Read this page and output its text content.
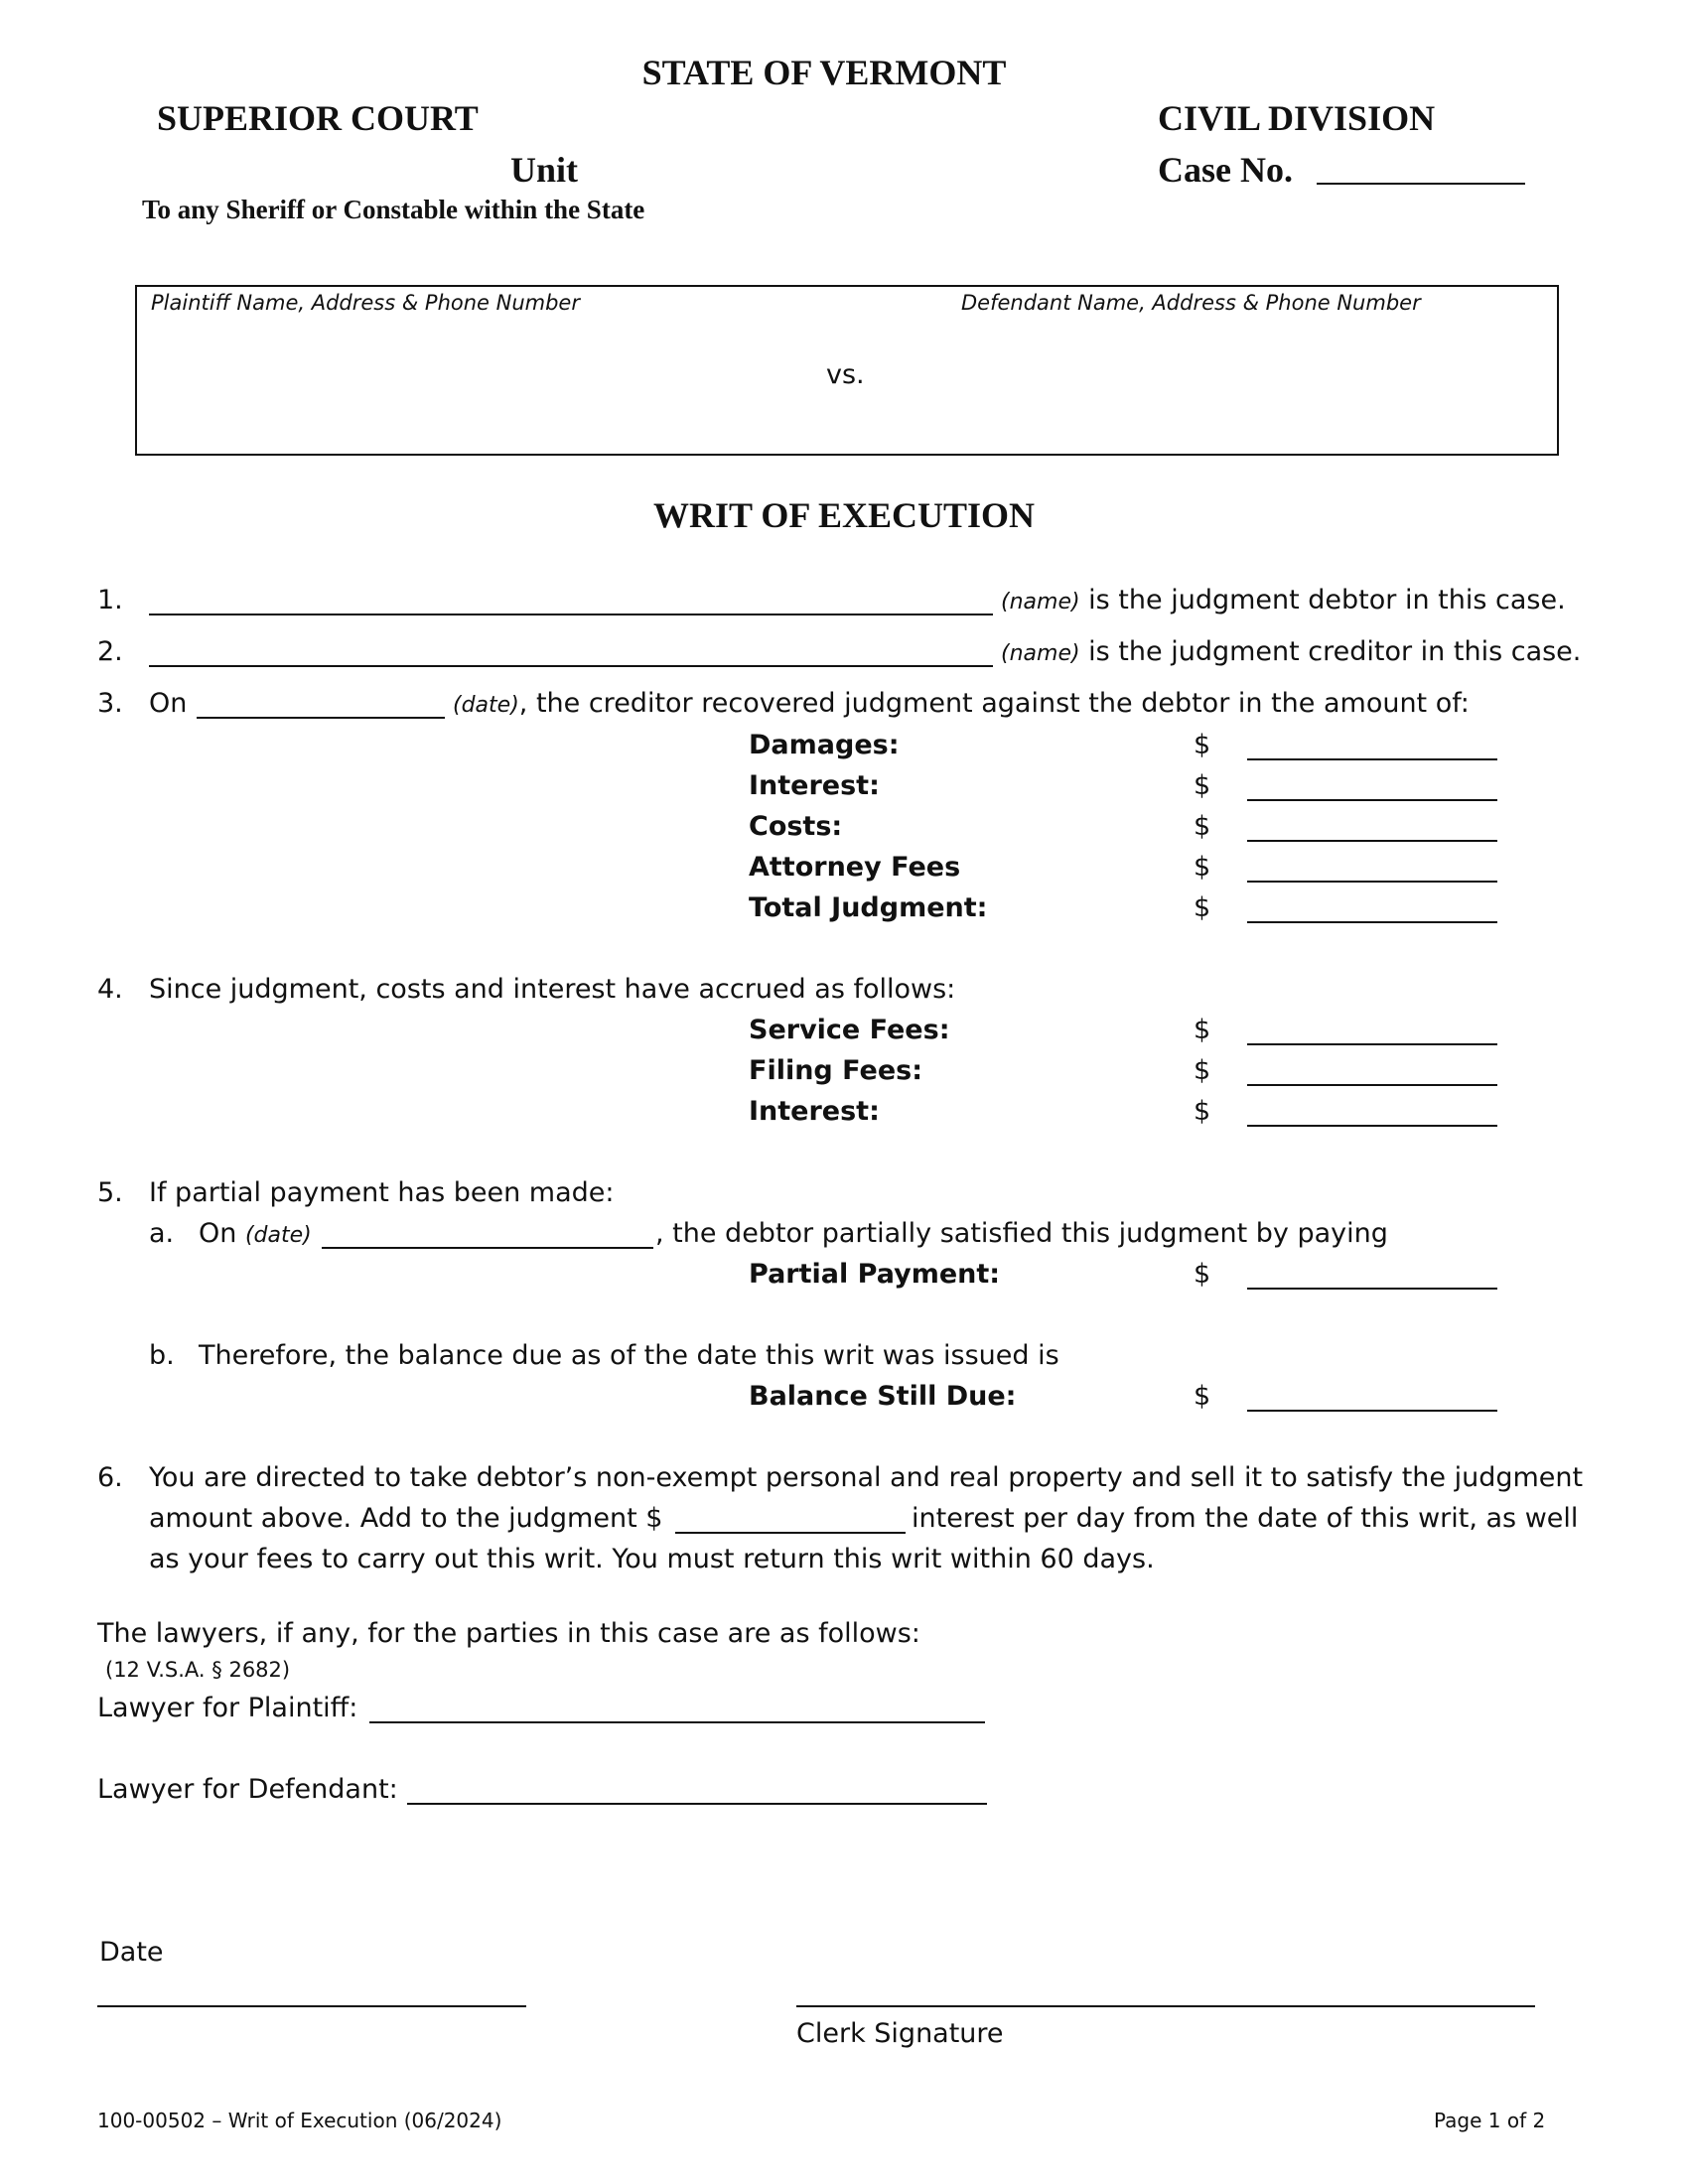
STATE OF VERMONT
SUPERIOR COURT	CIVIL DIVISION
Unit	Case No.
To any Sheriff or Constable within the State
Plaintiff Name, Address & Phone Number	Defendant Name, Address & Phone Number
vs.
WRIT OF EXECUTION
1.	(name) is the judgment debtor in this case.
2.	(name) is the judgment creditor in this case.
3. On	(date), the creditor recovered judgment against the debtor in the amount of:
Damages:	$
Interest:	$
Costs:	$
Attorney Fees	$
Total Judgment:	$
4. Since judgment, costs and interest have accrued as follows:
Service Fees:	$
Filing Fees:	$
Interest:	$
5. If partial payment has been made:
a. On (date)	, the debtor partially satisfied this judgment by paying
Partial Payment:	$
b. Therefore, the balance due as of the date this writ was issued is
Balance Still Due:	$
6. You are directed to take debtor’s non-exempt personal and real property and sell it to satisfy the judgment
amount above. Add to the judgment $	interest per day from the date of this writ, as well
as your fees to carry out this writ. You must return this writ within 60 days.
The lawyers, if any, for the parties in this case are as follows:
(12 V.S.A. § 2682)
Lawyer for Plaintiff:
Lawyer for Defendant:
Date
Clerk Signature
100-00502 – Writ of Execution (06/2024)	Page 1 of 2
